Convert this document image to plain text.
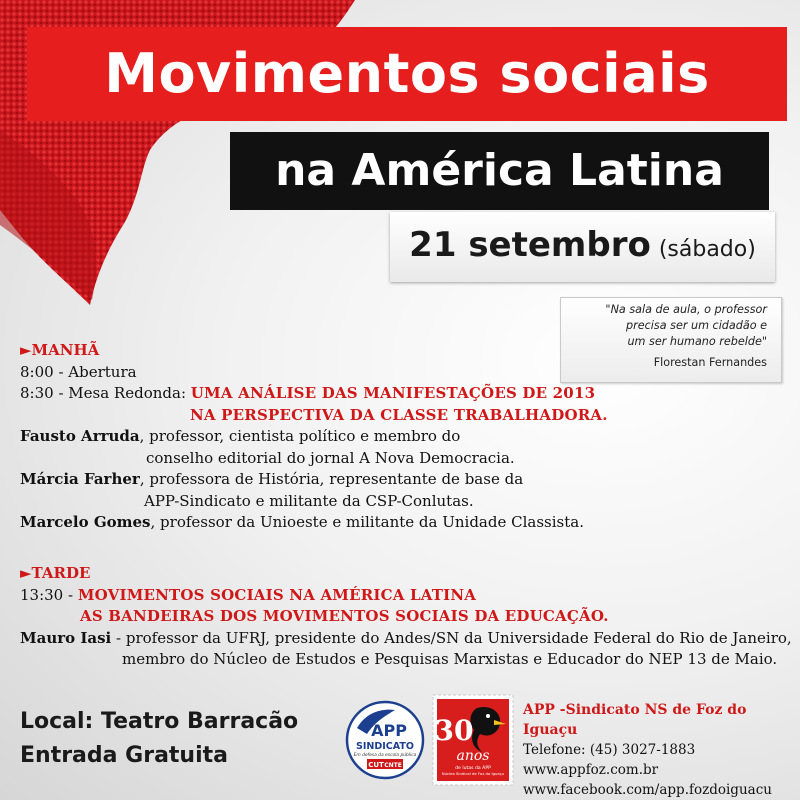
Movimentos sociais
na América Latina
21 setembro (sábado)
"Na sala de aula, o professor
precisa ser um cidadão e
um ser humano rebelde"
Florestan Fernandes
►MANHÃ
8:00 - Abertura
8:30 - Mesa Redonda: UMA ANÁLISE DAS MANIFESTAÇÕES DE 2013
NA PERSPECTIVA DA CLASSE TRABALHADORA.
Fausto Arruda, professor, cientista político e membro do
conselho editorial do jornal A Nova Democracia.
Márcia Farher, professora de História, representante de base da
APP-Sindicato e militante da CSP-Conlutas.
Marcelo Gomes, professor da Unioeste e militante da Unidade Classista.
►TARDE
13:30 - MOVIMENTOS SOCIAIS NA AMÉRICA LATINA
AS BANDEIRAS DOS MOVIMENTOS SOCIAIS DA EDUCAÇÃO.
Mauro Iasi - professor da UFRJ, presidente do Andes/SN da Universidade Federal do Rio de Janeiro,
membro do Núcleo de Estudos e Pesquisas Marxistas e Educador do NEP 13 de Maio.
Local: Teatro Barracão
Entrada Gratuita
APP
SINDICATO
Em defesa da escola pública
CUT CNTE
30
anos
de lutas da APP
Núcleo Sindical de Foz do Iguaçu
APP -Sindicato NS de Foz do Iguaçu
Telefone: (45) 3027-1883
www.appfoz.com.br
www.facebook.com/app.fozdoiguacu
